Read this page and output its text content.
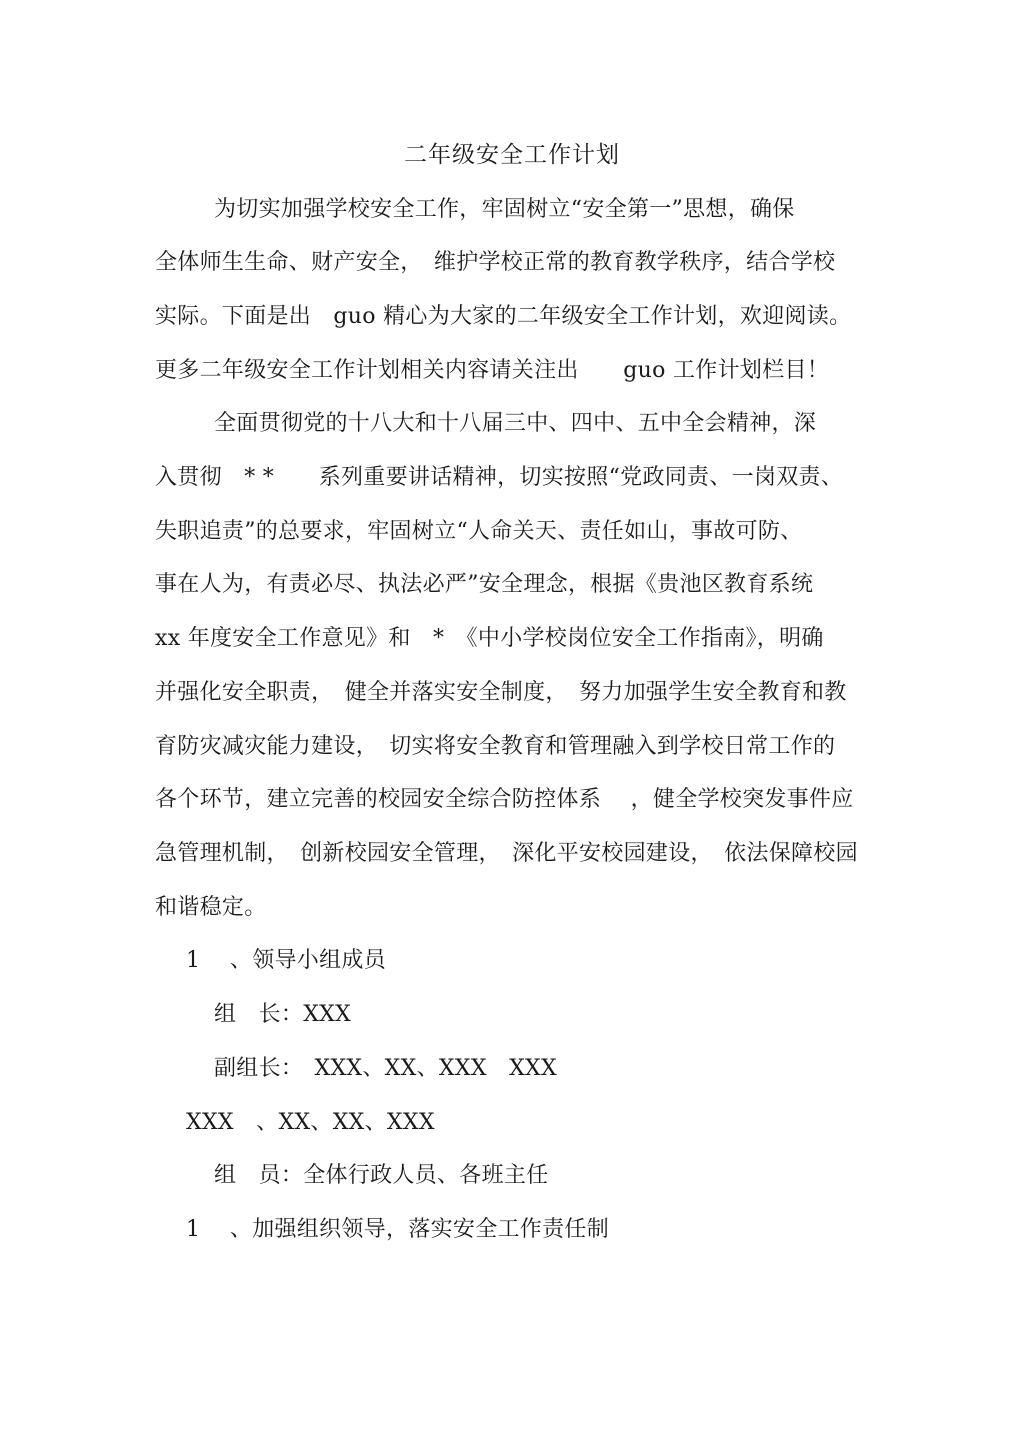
二年级安全工作计划
为切实加强学校安全工作，牢固树立“安全第一”思想，确保
全体师生生命、财产安全，　维护学校正常的教育教学秩序，结合学校
实际。下面是出　guo 精心为大家的二年级安全工作计划，欢迎阅读。
更多二年级安全工作计划相关内容请关注出　　guo 工作计划栏目！
全面贯彻党的十八大和十八届三中、四中、五中全会精神，深
入贯彻　* *　　系列重要讲话精神，切实按照“党政同责、一岗双责、
失职追责”的总要求，牢固树立“人命关天、责任如山，事故可防、
事在人为，有责必尽、执法必严”安全理念，根据《贵池区教育系统
xx 年度安全工作意见》和　*　《中小学校岗位安全工作指南》，明确
并强化安全职责，　健全并落实安全制度，　努力加强学生安全教育和教
育防灾减灾能力建设，　切实将安全教育和管理融入到学校日常工作的
各个环节，建立完善的校园安全综合防控体系　 ，健全学校突发事件应
急管理机制，　创新校园安全管理，　深化平安校园建设，　依法保障校园
和谐稳定。
1　 、领导小组成员
组　长：XXX
副组长：　XXX、XX、XXX　XXX
XXX　、XX、XX、XXX
组　员：全体行政人员、各班主任
1　 、加强组织领导，落实安全工作责任制
